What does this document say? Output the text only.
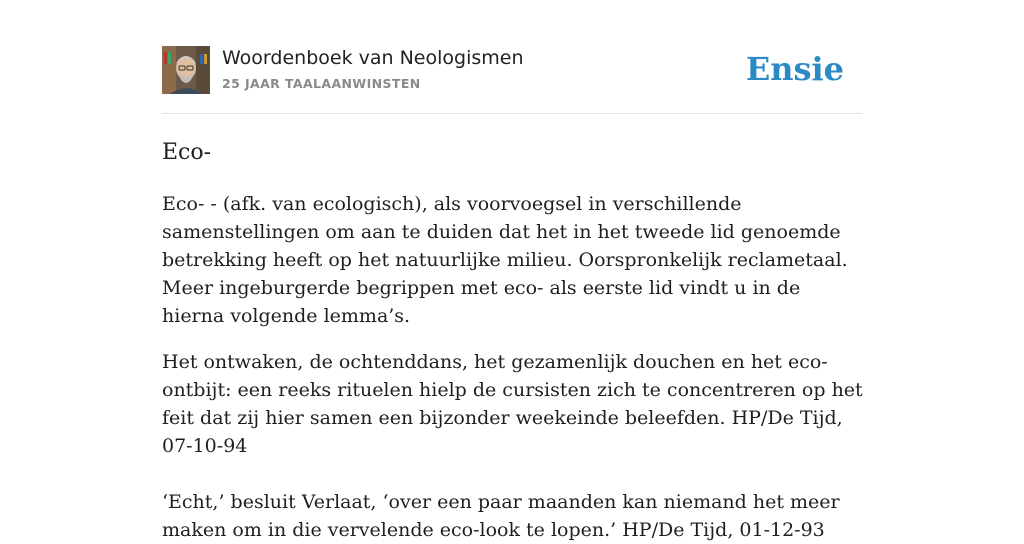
Woordenboek van Neologismen
25 JAAR TAALAANWINSTEN	Ensie
Eco-

Eco- - (afk. van ecologisch), als voorvoegsel in verschillende samenstellingen om aan te duiden dat het in het tweede lid genoemde betrekking heeft op het natuurlijke milieu. Oorspronkelijk reclametaal. Meer ingeburgerde begrippen met eco- als eerste lid vindt u in de hierna volgende lemma’s.

Het ontwaken, de ochtenddans, het gezamenlijk douchen en het eco-ontbijt: een reeks rituelen hielp de cursisten zich te concentreren op het feit dat zij hier samen een bijzonder weekeinde beleefden. HP/De Tijd, 07-10-94

‘Echt,’ besluit Verlaat, ‘over een paar maanden kan niemand het meer maken om in die vervelende eco-look te lopen.’ HP/De Tijd, 01-12-93
